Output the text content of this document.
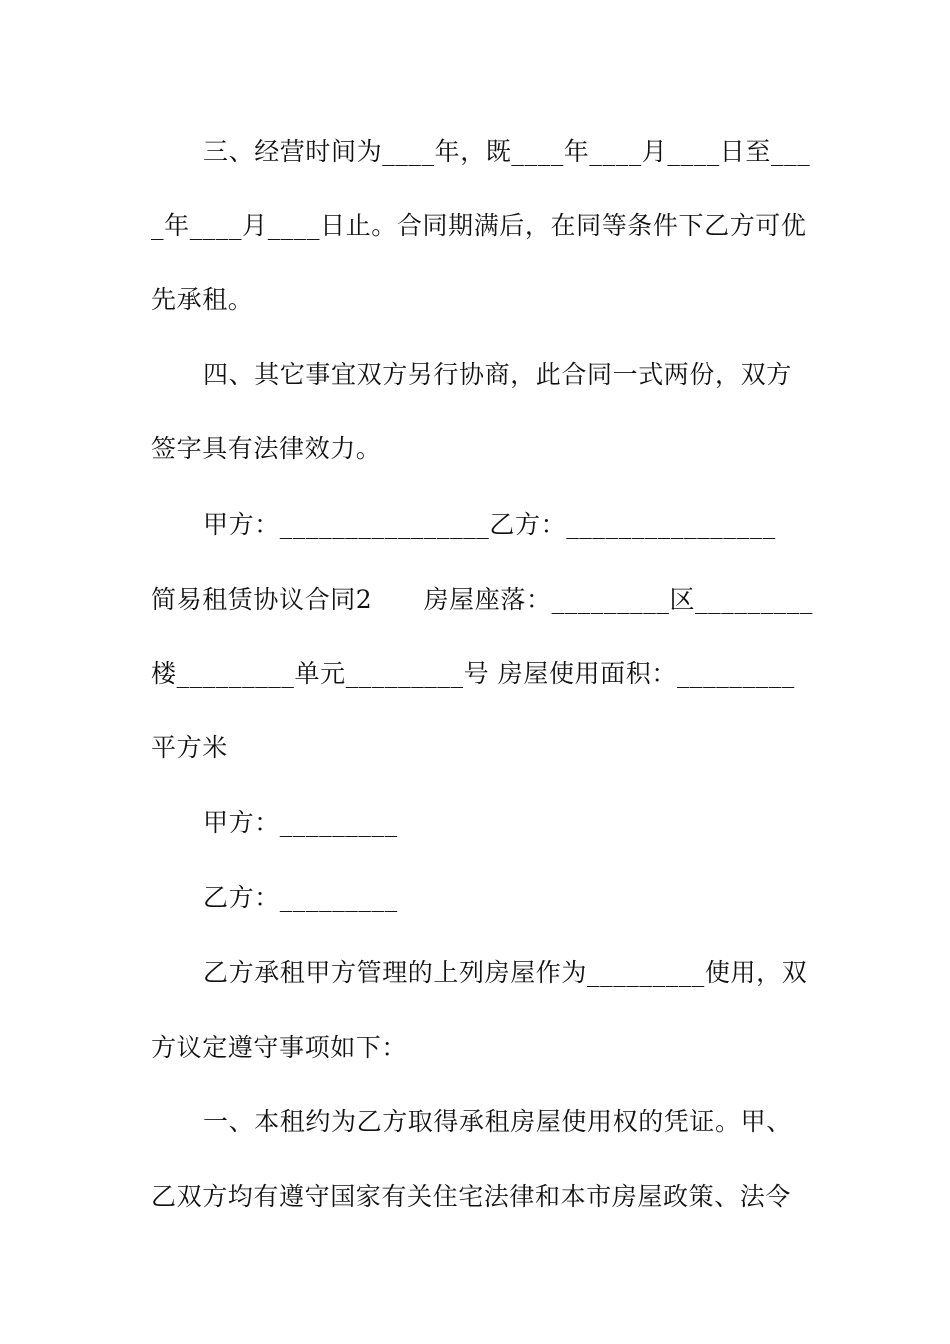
三、经营时间为____年，既____年____月____日至___
_年____月____日止。合同期满后，在同等条件下乙方可优
先承租。
四、其它事宜双方另行协商，此合同一式两份，双方
签字具有法律效力。
甲方：________________乙方：________________
简易租赁协议合同2      房屋座落：_________区_________
楼_________单元_________号 房屋使用面积：_________
平方米
甲方：_________
乙方：_________
乙方承租甲方管理的上列房屋作为_________使用，双
方议定遵守事项如下：
一、本租约为乙方取得承租房屋使用权的凭证。甲、
乙双方均有遵守国家有关住宅法律和本市房屋政策、法令
